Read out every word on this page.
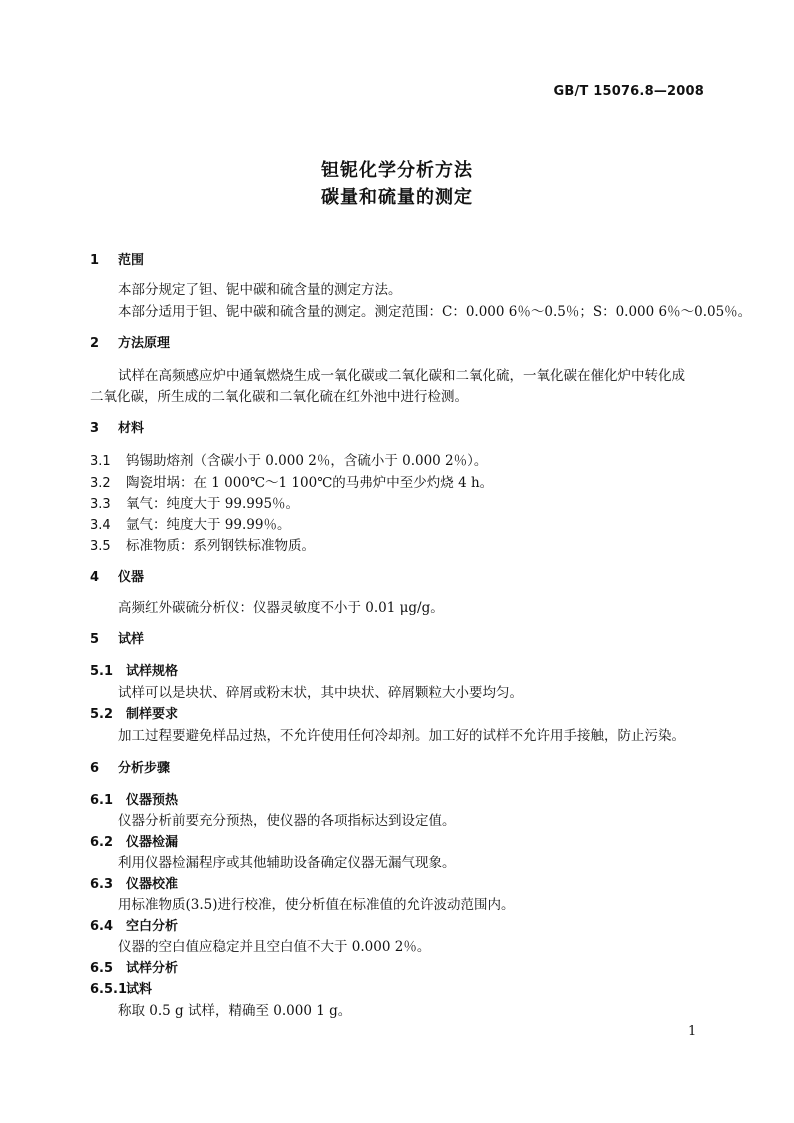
GB/T 15076.8—2008
钽铌化学分析方法
碳量和硫量的测定
1 范围
本部分规定了钽、铌中碳和硫含量的测定方法。
本部分适用于钽、铌中碳和硫含量的测定。测定范围：C：0.000 6％～0.5％；S：0.000 6％～0.05％。
2 方法原理
试样在高频感应炉中通氧燃烧生成一氧化碳或二氧化碳和二氧化硫，一氧化碳在催化炉中转化成
二氧化碳，所生成的二氧化碳和二氧化硫在红外池中进行检测。
3 材料
3.1 钨锡助熔剂（含碳小于 0.000 2％，含硫小于 0.000 2％）。
3.2 陶瓷坩埚：在 1 000℃～1 100℃的马弗炉中至少灼烧 4 h。
3.3 氧气：纯度大于 99.995％。
3.4 氩气：纯度大于 99.99％。
3.5 标准物质：系列钢铁标准物质。
4 仪器
高频红外碳硫分析仪：仪器灵敏度不小于 0.01 μg/g。
5 试样
5.1 试样规格
试样可以是块状、碎屑或粉末状，其中块状、碎屑颗粒大小要均匀。
5.2 制样要求
加工过程要避免样品过热，不允许使用任何冷却剂。加工好的试样不允许用手接触，防止污染。
6 分析步骤
6.1 仪器预热
仪器分析前要充分预热，使仪器的各项指标达到设定值。
6.2 仪器检漏
利用仪器检漏程序或其他辅助设备确定仪器无漏气现象。
6.3 仪器校准
用标准物质(3.5)进行校准，使分析值在标准值的允许波动范围内。
6.4 空白分析
仪器的空白值应稳定并且空白值不大于 0.000 2％。
6.5 试样分析
6.5.1试料
称取 0.5 g 试样，精确至 0.000 1 g。
1
